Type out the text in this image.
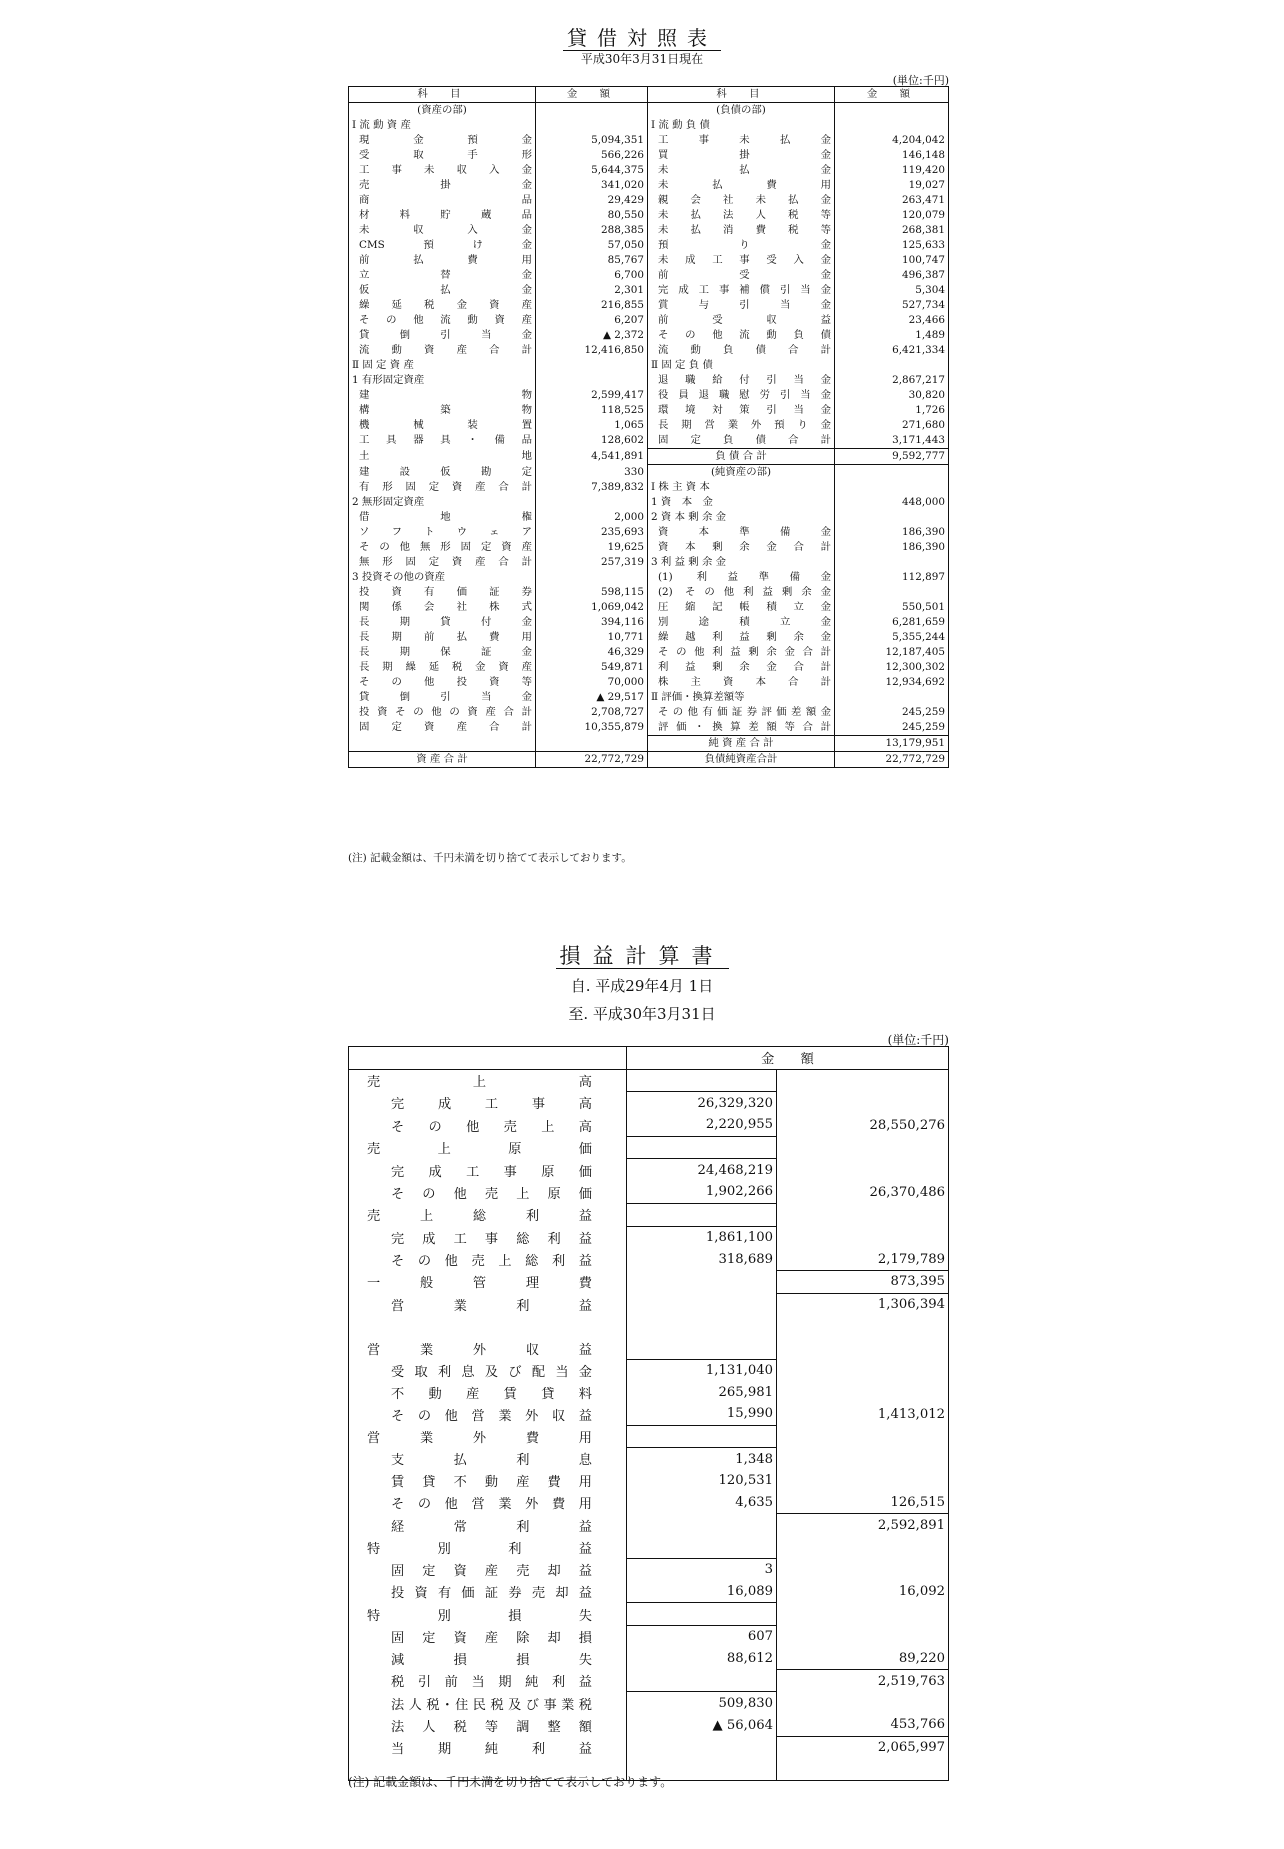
貸借対照表
平成30年3月31日現在
(単位:千円)
科　目	金　額	科　目	金　額
(資産の部)		(負債の部)	
Ⅰ 流 動 資 産		Ⅰ 流 動 負 債	
現金預金	5,094,351	工事未払金	4,204,042
受取手形	566,226	買掛金	146,148
工事未収入金	5,644,375	未払金	119,420
売掛金	341,020	未払費用	19,027
商品	29,429	親会社未払金	263,471
材料貯蔵品	80,550	未払法人税等	120,079
未収入金	288,385	未払消費税等	268,381
CMS預け金	57,050	預り金	125,633
前払費用	85,767	未成工事受入金	100,747
立替金	6,700	前受金	496,387
仮払金	2,301	完成工事補償引当金	5,304
繰延税金資産	216,855	賞与引当金	527,734
その他流動資産	6,207	前受収益	23,466
貸倒引当金	▲ 2,372	その他流動負債	1,489
流動資産合計	12,416,850	流動負債合計	6,421,334
Ⅱ 固 定 資 産		Ⅱ 固 定 負 債	
1 有形固定資産		退職給付引当金	2,867,217
建物	2,599,417	役員退職慰労引当金	30,820
構築物	118,525	環境対策引当金	1,726
機械装置	1,065	長期営業外預り金	271,680
工具器具・備品	128,602	固定負債合計	3,171,443
土地	4,541,891	負 債 合 計	9,592,777
建設仮勘定	330	(純資産の部)	
有形固定資産合計	7,389,832	Ⅰ 株 主 資 本	
2 無形固定資産		1 資　本　金	448,000
借地権	2,000	2 資 本 剰 余 金	
ソフトウェア	235,693	資本準備金	186,390
その他無形固定資産	19,625	資本剰余金合計	186,390
無形固定資産合計	257,319	3 利 益 剰 余 金	
3 投資その他の資産		(1) 利益準備金	112,897
投資有価証券	598,115	(2) その他利益剰余金	
関係会社株式	1,069,042	圧縮記帳積立金	550,501
長期貸付金	394,116	別途積立金	6,281,659
長期前払費用	10,771	繰越利益剰余金	5,355,244
長期保証金	46,329	その他利益剰余金合計	12,187,405
長期繰延税金資産	549,871	利益剰余金合計	12,300,302
その他投資等	70,000	株主資本合計	12,934,692
貸倒引当金	▲ 29,517	Ⅱ 評価・換算差額等	
投資その他の資産合計	2,708,727	その他有価証券評価差額金	245,259
固定資産合計	10,355,879	評価・換算差額等合計	245,259
		純 資 産 合 計	13,179,951
資 産 合 計	22,772,729	負債純資産合計	22,772,729
(注) 記載金額は、千円未満を切り捨てて表示しております。
損益計算書
自. 平成29年4月 1日
至. 平成30年3月31日
(単位:千円)
	金　　額	
売上高		
完成工事高	26,329,320	
その他売上高	2,220,955	28,550,276
売上原価		
完成工事原価	24,468,219	
その他売上原価	1,902,266	26,370,486
売上総利益		
完成工事総利益	1,861,100	
その他売上総利益	318,689	2,179,789
一般管理費		873,395
営業利益		1,306,394

営業外収益		
受取利息及び配当金	1,131,040	
不動産賃貸料	265,981	
その他営業外収益	15,990	1,413,012
営業外費用		
支払利息	1,348	
賃貸不動産費用	120,531	
その他営業外費用	4,635	126,515
経常利益		2,592,891
特別利益		
固定資産売却益	3	
投資有価証券売却益	16,089	16,092
特別損失		
固定資産除却損	607	
減損損失	88,612	89,220
税引前当期純利益		2,519,763
法人税･住民税及び事業税	509,830	
法人税等調整額	▲ 56,064	453,766
当期純利益		2,065,997

(注) 記載金額は、千円未満を切り捨てて表示しております。
